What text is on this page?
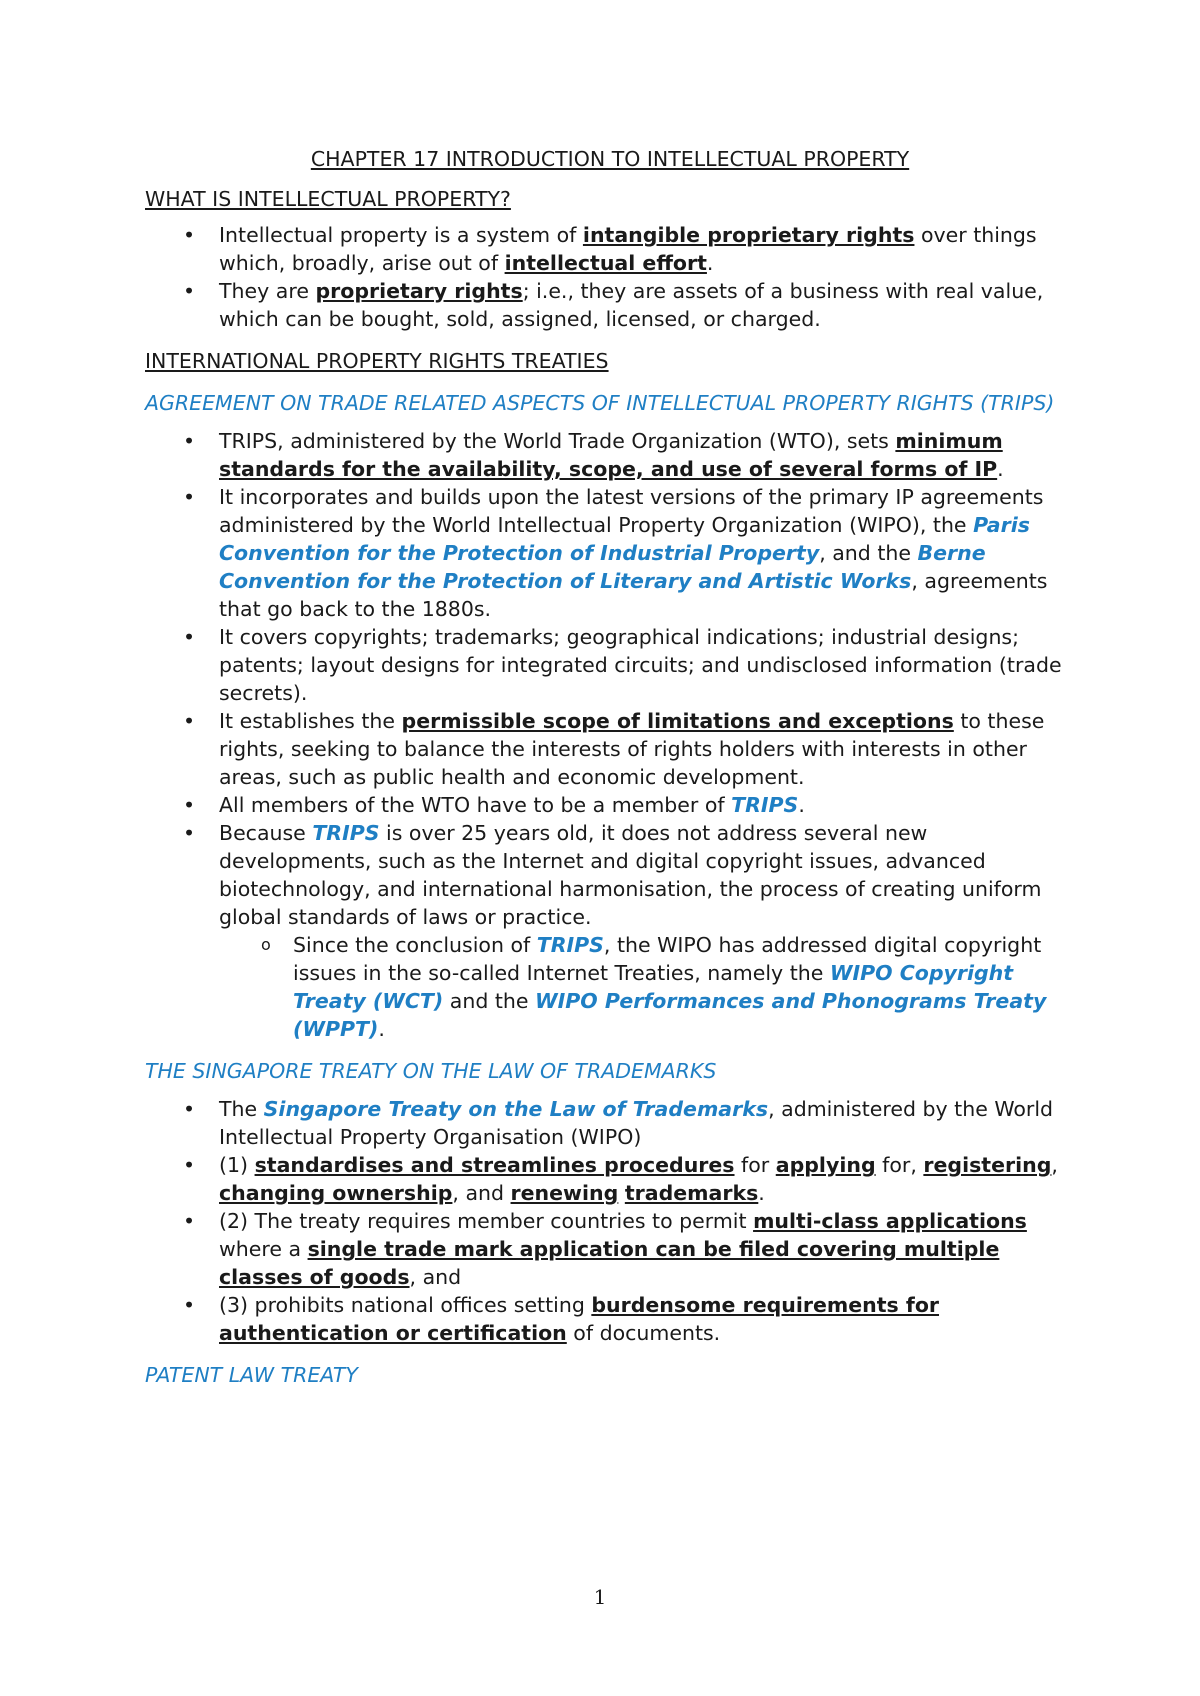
CHAPTER 17 INTRODUCTION TO INTELLECTUAL PROPERTY
WHAT IS INTELLECTUAL PROPERTY?
• Intellectual property is a system of intangible proprietary rights over things which, broadly, arise out of intellectual effort.
• They are proprietary rights; i.e., they are assets of a business with real value, which can be bought, sold, assigned, licensed, or charged.
INTERNATIONAL PROPERTY RIGHTS TREATIES
AGREEMENT ON TRADE RELATED ASPECTS OF INTELLECTUAL PROPERTY RIGHTS (TRIPS)
• TRIPS, administered by the World Trade Organization (WTO), sets minimum standards for the availability, scope, and use of several forms of IP.
• It incorporates and builds upon the latest versions of the primary IP agreements administered by the World Intellectual Property Organization (WIPO), the Paris Convention for the Protection of Industrial Property, and the Berne Convention for the Protection of Literary and Artistic Works, agreements that go back to the 1880s.
• It covers copyrights; trademarks; geographical indications; industrial designs; patents; layout designs for integrated circuits; and undisclosed information (trade secrets).
• It establishes the permissible scope of limitations and exceptions to these rights, seeking to balance the interests of rights holders with interests in other areas, such as public health and economic development.
• All members of the WTO have to be a member of TRIPS.
• Because TRIPS is over 25 years old, it does not address several new developments, such as the Internet and digital copyright issues, advanced biotechnology, and international harmonisation, the process of creating uniform global standards of laws or practice.
o Since the conclusion of TRIPS, the WIPO has addressed digital copyright issues in the so-called Internet Treaties, namely the WIPO Copyright Treaty (WCT) and the WIPO Performances and Phonograms Treaty (WPPT).
THE SINGAPORE TREATY ON THE LAW OF TRADEMARKS
• The Singapore Treaty on the Law of Trademarks, administered by the World Intellectual Property Organisation (WIPO)
• (1) standardises and streamlines procedures for applying for, registering, changing ownership, and renewing trademarks.
• (2) The treaty requires member countries to permit multi-class applications where a single trade mark application can be filed covering multiple classes of goods, and
• (3) prohibits national offices setting burdensome requirements for authentication or certification of documents.
PATENT LAW TREATY
1
